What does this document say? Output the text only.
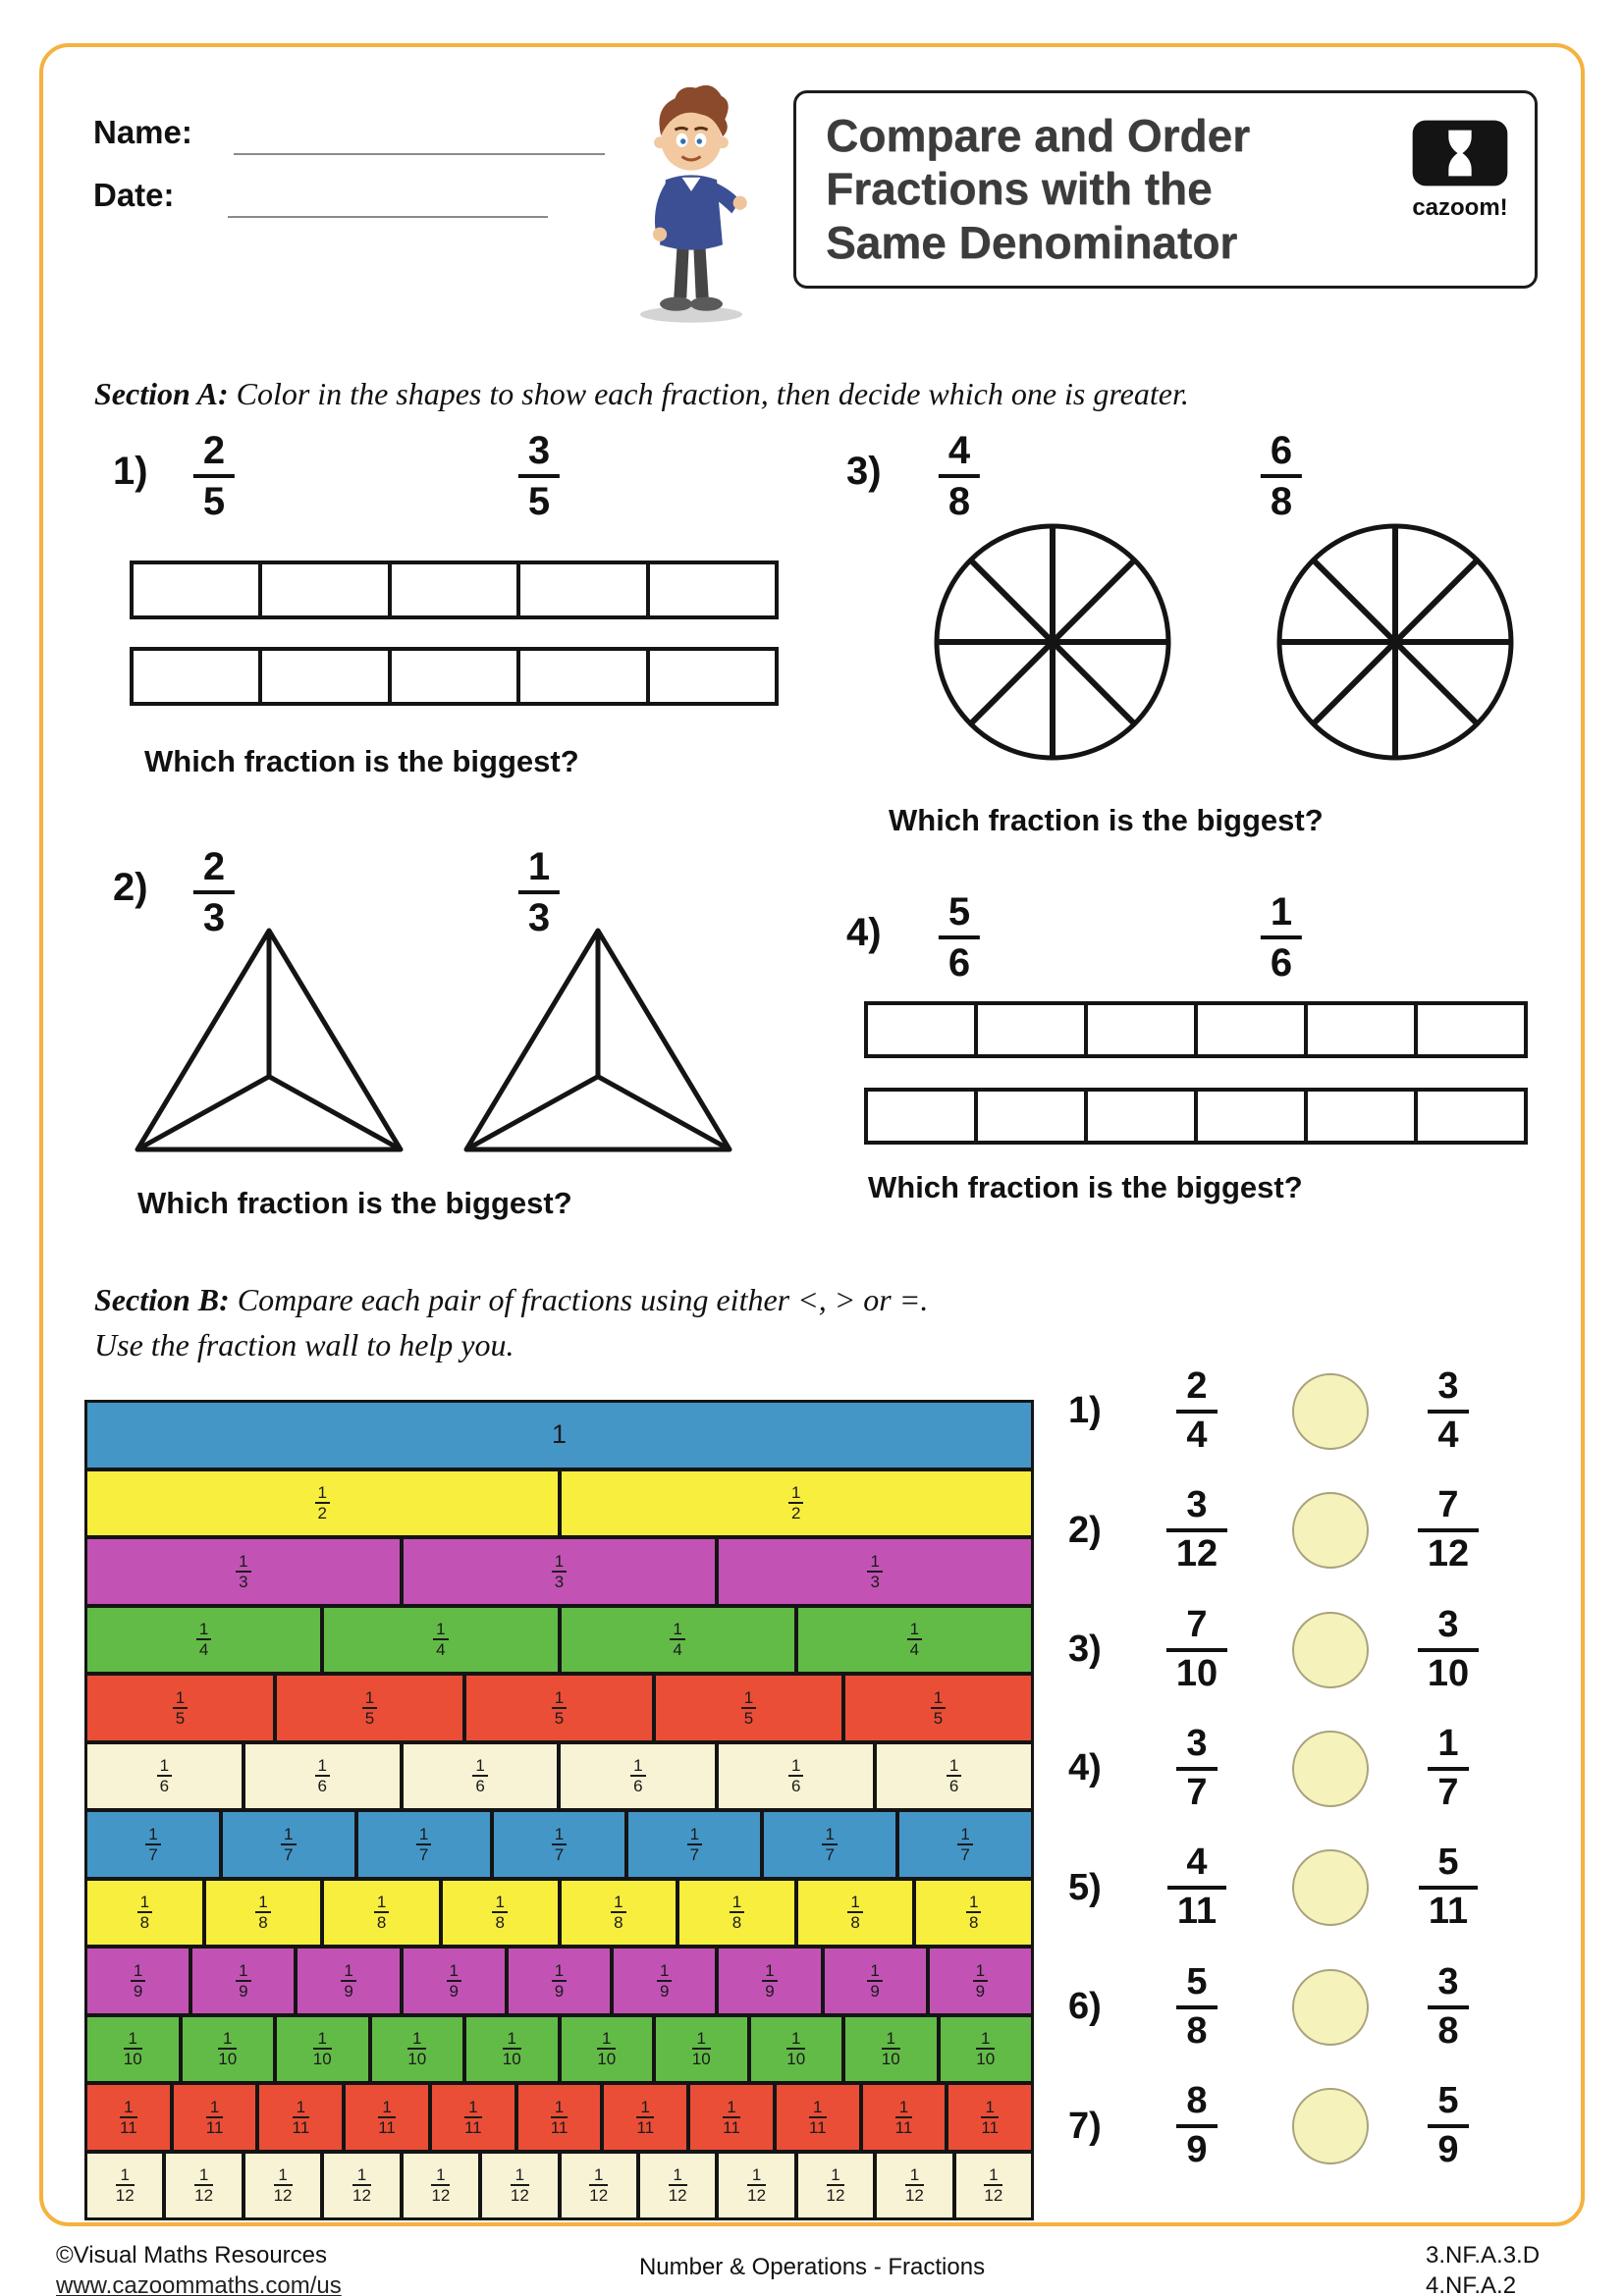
Name:
Date:
Compare and Order
Fractions with the
Same Denominator
cazoom!
Section A: Color in the shapes to show each fraction, then decide which one is greater.
$1) \frac{2}{5}$	$\frac{3}{5}$
Which fraction is the biggest?
$3) \frac{4}{8}$	$\frac{6}{8}$
Which fraction is the biggest?
$2) \frac{2}{3}$	$\frac{1}{3}$
Which fraction is the biggest?
$4) \frac{5}{6}$	$\frac{1}{6}$
Which fraction is the biggest?
Section B: Compare each pair of fractions using either <, > or =.
Use the fraction wall to help you.
1
$\frac{1}{2}$	$\frac{1}{2}$
$\frac{1}{3}$	$\frac{1}{3}$	$\frac{1}{3}$
$\frac{1}{4}$	$\frac{1}{4}$	$\frac{1}{4}$	$\frac{1}{4}$
$\frac{1}{5}$	$\frac{1}{5}$	$\frac{1}{5}$	$\frac{1}{5}$	$\frac{1}{5}$
$\frac{1}{6}$	$\frac{1}{6}$	$\frac{1}{6}$	$\frac{1}{6}$	$\frac{1}{6}$	$\frac{1}{6}$
$\frac{1}{7}$	$\frac{1}{7}$	$\frac{1}{7}$	$\frac{1}{7}$	$\frac{1}{7}$	$\frac{1}{7}$	$\frac{1}{7}$
$\frac{1}{8}$	$\frac{1}{8}$	$\frac{1}{8}$	$\frac{1}{8}$	$\frac{1}{8}$	$\frac{1}{8}$	$\frac{1}{8}$	$\frac{1}{8}$
$\frac{1}{9}$	$\frac{1}{9}$	$\frac{1}{9}$	$\frac{1}{9}$	$\frac{1}{9}$	$\frac{1}{9}$	$\frac{1}{9}$	$\frac{1}{9}$	$\frac{1}{9}$
$\frac{1}{10}$	$\frac{1}{10}$	$\frac{1}{10}$	$\frac{1}{10}$	$\frac{1}{10}$	$\frac{1}{10}$	$\frac{1}{10}$	$\frac{1}{10}$	$\frac{1}{10}$	$\frac{1}{10}$
$\frac{1}{11}$	$\frac{1}{11}$	$\frac{1}{11}$	$\frac{1}{11}$	$\frac{1}{11}$	$\frac{1}{11}$	$\frac{1}{11}$	$\frac{1}{11}$	$\frac{1}{11}$	$\frac{1}{11}$	$\frac{1}{11}$
$\frac{1}{12}$	$\frac{1}{12}$	$\frac{1}{12}$	$\frac{1}{12}$	$\frac{1}{12}$	$\frac{1}{12}$	$\frac{1}{12}$	$\frac{1}{12}$	$\frac{1}{12}$	$\frac{1}{12}$	$\frac{1}{12}$	$\frac{1}{12}$
1)	$\frac{2}{4}$	$\frac{3}{4}$
2)	$\frac{3}{12}$	$\frac{7}{12}$
3)	$\frac{7}{10}$	$\frac{3}{10}$
4)	$\frac{3}{7}$	$\frac{1}{7}$
5)	$\frac{4}{11}$	$\frac{5}{11}$
6)	$\frac{5}{8}$	$\frac{3}{8}$
7)	$\frac{8}{9}$	$\frac{5}{9}$
©Visual Maths Resources
www.cazoommaths.com/us
Number & Operations - Fractions	3.NF.A.3.D
4.NF.A.2
